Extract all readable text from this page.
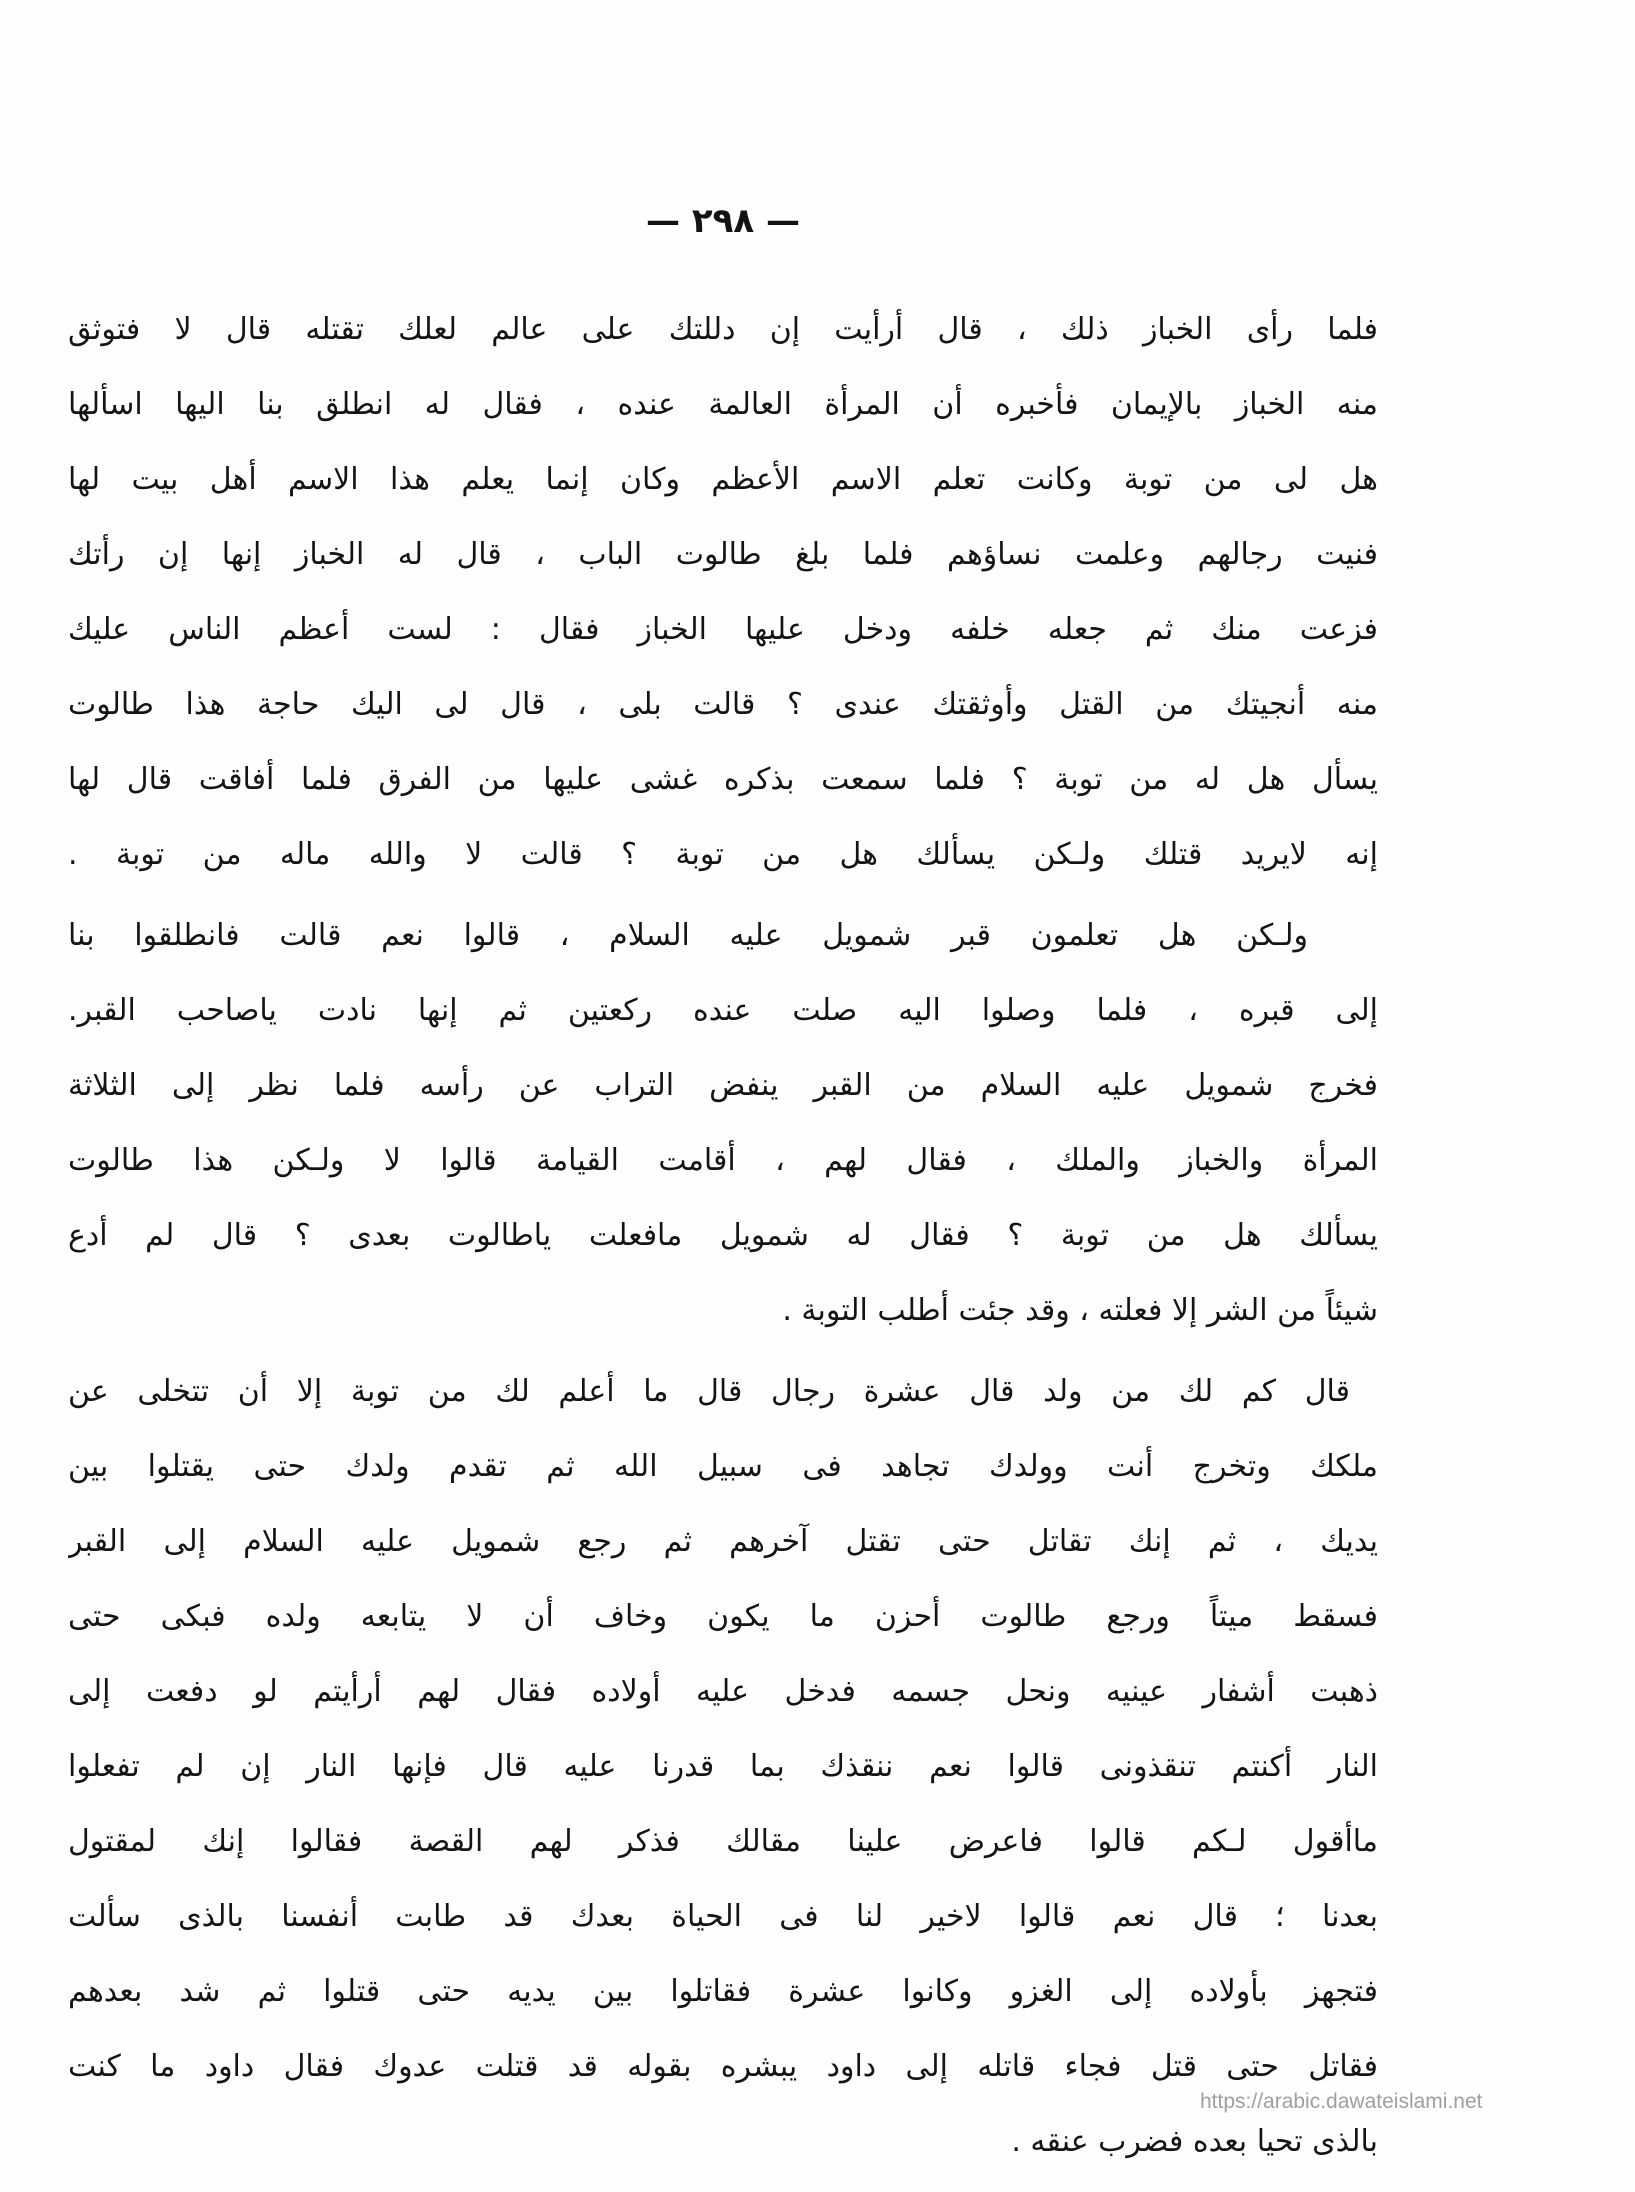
— ٢٩٨ —
فلما رأى الخباز ذلك ، قال أرأيت إن دللتك على عالم لعلك تقتله قال لا فتوثق
منه الخباز بالإيمان فأخبره أن المرأة العالمة عنده ، فقال له انطلق بنا اليها اسألها
هل لى من توبة وكانت تعلم الاسم الأعظم وكان إنما يعلم هذا الاسم أهل بيت لها
فنيت رجالهم وعلمت نساؤهم فلما بلغ طالوت الباب ، قال له الخباز إنها إن رأتك
فزعت منك ثم جعله خلفه ودخل عليها الخباز فقال : لست أعظم الناس عليك
منه أنجيتك من القتل وأوثقتك عندى ؟ قالت بلى ، قال لى اليك حاجة هذا طالوت
يسأل هل له من توبة ؟ فلما سمعت بذكره غشى عليها من الفرق فلما أفاقت قال لها
إنه لايريد قتلك ولـكن يسألك هل من توبة ؟ قالت لا والله ماله من توبة .
ولـكن هل تعلمون قبر شمويل عليه السلام ، قالوا نعم قالت فانطلقوا بنا
إلى قبره ، فلما وصلوا اليه صلت عنده ركعتين ثم إنها نادت ياصاحب القبر.
فخرج شمويل عليه السلام من القبر ينفض التراب عن رأسه فلما نظر إلى الثلاثة
المرأة والخباز والملك ، فقال لهم ، أقامت القيامة قالوا لا ولـكن هذا طالوت
يسألك هل من توبة ؟ فقال له شمويل مافعلت ياطالوت بعدى ؟ قال لم أدع
شيئاً من الشر إلا فعلته ، وقد جئت أطلب التوبة .
قال كم لك من ولد قال عشرة رجال قال ما أعلم لك من توبة إلا أن تتخلى عن
ملكك وتخرج أنت وولدك تجاهد فى سبيل الله ثم تقدم ولدك حتى يقتلوا بين
يديك ، ثم إنك تقاتل حتى تقتل آخرهم ثم رجع شمويل عليه السلام إلى القبر
فسقط ميتاً ورجع طالوت أحزن ما يكون وخاف أن لا يتابعه ولده فبكى حتى
ذهبت أشفار عينيه ونحل جسمه فدخل عليه أولاده فقال لهم أرأيتم لو دفعت إلى
النار أكنتم تنقذونى قالوا نعم ننقذك بما قدرنا عليه قال فإنها النار إن لم تفعلوا
ماأقول لـكم قالوا فاعرض علينا مقالك فذكر لهم القصة فقالوا إنك لمقتول
بعدنا ؛ قال نعم قالوا لاخير لنا فى الحياة بعدك قد طابت أنفسنا بالذى سألت
فتجهز بأولاده إلى الغزو وكانوا عشرة فقاتلوا بين يديه حتى قتلوا ثم شد بعدهم
فقاتل حتى قتل فجاء قاتله إلى داود يبشره بقوله قد قتلت عدوك فقال داود ما كنت
بالذى تحيا بعده فضرب عنقه .
https://arabic.dawateislami.net
